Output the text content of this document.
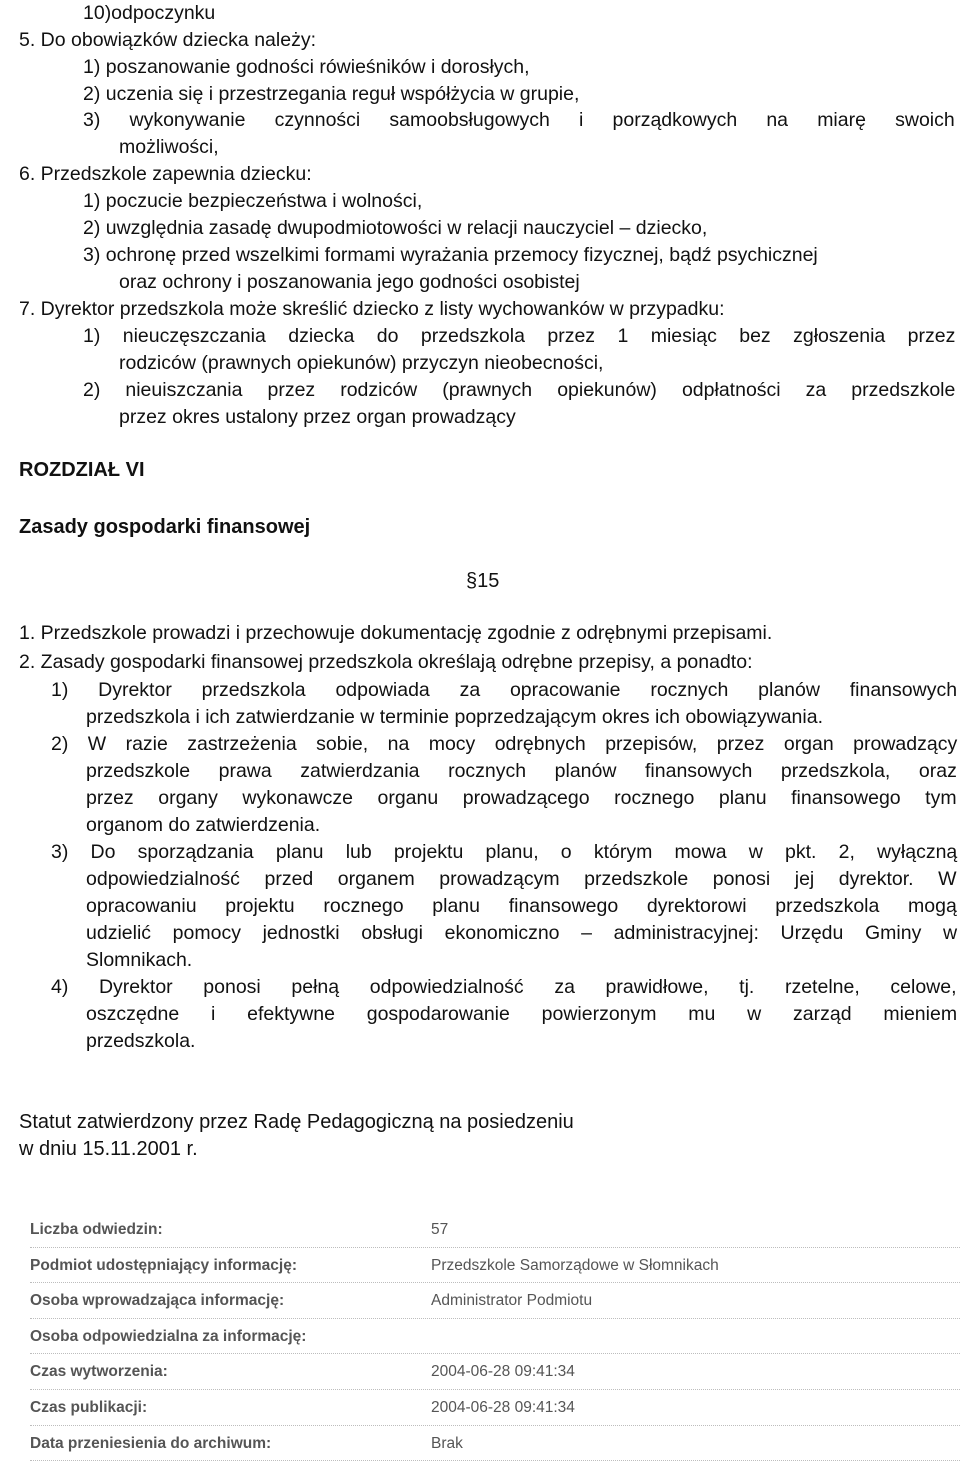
10)odpoczynku
5. Do obowiązków dziecka należy:
1) poszanowanie godności rówieśników i dorosłych,
2) uczenia się i przestrzegania reguł współżycia w grupie,
3) wykonywanie czynności samoobsługowych i porządkowych na miarę swoich
możliwości,
6. Przedszkole zapewnia dziecku:
1) poczucie bezpieczeństwa i wolności,
2) uwzględnia zasadę dwupodmiotowości w relacji nauczyciel – dziecko,
3) ochronę przed wszelkimi formami wyrażania przemocy fizycznej, bądź psychicznej
oraz ochrony i poszanowania jego godności osobistej
7. Dyrektor przedszkola może skreślić dziecko z listy wychowanków w przypadku:
1) nieuczęszczania dziecka do przedszkola przez 1 miesiąc bez zgłoszenia przez
rodziców (prawnych opiekunów) przyczyn nieobecności,
2) nieuiszczania przez rodziców (prawnych opiekunów) odpłatności za przedszkole
przez okres ustalony przez organ prowadzący
ROZDZIAŁ VI
Zasady gospodarki finansowej
§15
1. Przedszkole prowadzi i przechowuje dokumentację zgodnie z odrębnymi przepisami.
2. Zasady gospodarki finansowej przedszkola określają odrębne przepisy, a ponadto:
1) Dyrektor przedszkola odpowiada za opracowanie rocznych planów finansowych
przedszkola i ich zatwierdzanie w terminie poprzedzającym okres ich obowiązywania.
2) W razie zastrzeżenia sobie, na mocy odrębnych przepisów, przez organ prowadzący
przedszkole prawa zatwierdzania rocznych planów finansowych przedszkola, oraz
przez organy wykonawcze organu prowadzącego rocznego planu finansowego tym
organom do zatwierdzenia.
3) Do sporządzania planu lub projektu planu, o którym mowa w pkt. 2, wyłączną
odpowiedzialność przed organem prowadzącym przedszkole ponosi jej dyrektor. W
opracowaniu projektu rocznego planu finansowego dyrektorowi przedszkola mogą
udzielić pomocy jednostki obsługi ekonomiczno – administracyjnej: Urzędu Gminy w
Slomnikach.
4) Dyrektor ponosi pełną odpowiedzialność za prawidłowe, tj. rzetelne, celowe,
oszczędne i efektywne gospodarowanie powierzonym mu w zarząd mieniem
przedszkola.
Statut zatwierdzony przez Radę Pedagogiczną na posiedzeniu
w dniu 15.11.2001 r.
Liczba odwiedzin:	57
Podmiot udostępniający informację:	Przedszkole Samorządowe w Słomnikach
Osoba wprowadzająca informację:	Administrator Podmiotu
Osoba odpowiedzialna za informację:
Czas wytworzenia:	2004-06-28 09:41:34
Czas publikacji:	2004-06-28 09:41:34
Data przeniesienia do archiwum:	Brak
